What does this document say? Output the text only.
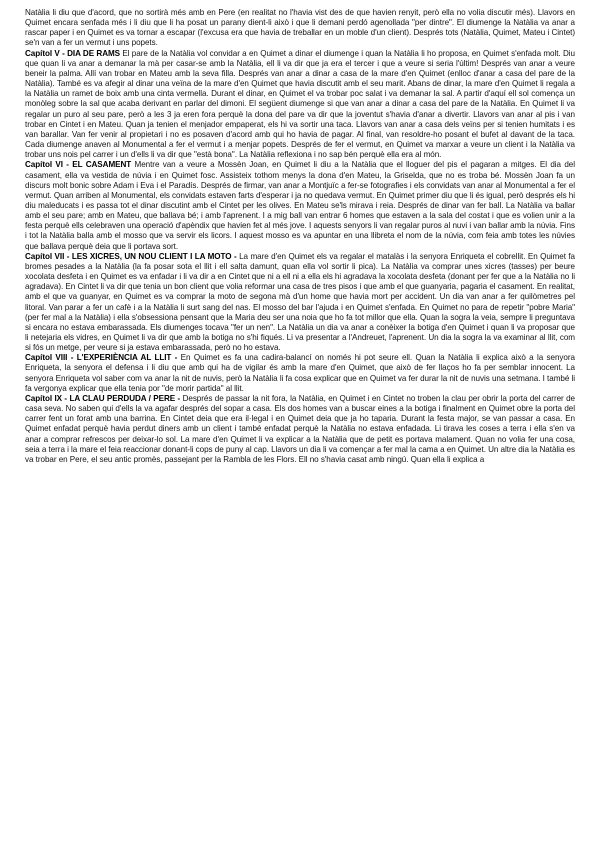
Natàlia li diu que d'acord, que no sortirà més amb en Pere (en realitat no l'havia vist des de que havien renyit, però ella no volia discutir més). Llavors en Quimet encara senfada més i li diu que li ha posat un parany dient-li això i que li demani perdó agenollada "per dintre". El diumenge la Natàlia va anar a rascar paper i en Quimet es va tornar a escapar (l'excusa era que havia de treballar en un moble d'un client). Després tots (Natàlia, Quimet, Mateu i Cintet) se'n van a fer un vermut i uns popets.

Capítol V - DIA DE RAMS El pare de la Natàlia vol convidar a en Quimet a dinar el diumenge i quan la Natàlia li ho proposa, en Quimet s'enfada molt. Diu que quan li va anar a demanar la mà per casar-se amb la Natàlia, ell li va dir que ja era el tercer i que a veure si seria l'últim! Després van anar a veure beneir la palma. Allí van trobar en Mateu amb la seva filla. Després van anar a dinar a casa de la mare d'en Quimet (enlloc d'anar a casa del pare de la Natàlia). També es va afegir al dinar una veïna de la mare d'en Quimet que havia discutit amb el seu marit. Abans de dinar, la mare d'en Quimet li regala a la Natàlia un ramet de boix amb una cinta vermella. Durant el dinar, en Quimet el va trobar poc salat i va demanar la sal. A partir d'aquí ell sol comença un monòleg sobre la sal que acaba derivant en parlar del dimoni. El següent diumenge si que van anar a dinar a casa del pare de la Natàlia. En Quimet li va regalar un puro al seu pare, però a les 3 ja eren fora perquè la dona del pare va dir que la joventut s'havia d'anar a divertir. Llavors van anar al pis i van trobar en Cintet i en Mateu. Quan ja tenien el menjador empaperat, els hi va sortir una taca. Llavors van anar a casa dels veïns per si tenien humitats i es van barallar. Van fer venir al propietari i no es posaven d'acord amb qui ho havia de pagar. Al final, van resoldre-ho posant el bufet al davant de la taca. Cada diumenge anaven al Monumental a fer el vermut i a menjar popets. Després de fer el vermut, en Quimet va marxar a veure un client i la Natàlia va trobar uns nois pel carrer i un d'ells li va dir que "està bona". La Natàlia reflexiona i no sap bén perquè ella era al món.

Capítol VI - EL CASAMENT Mentre van a veure a Mossèn Joan, en Quimet li diu a la Natàlia que el lloguer del pis el pagaran a mitges. El dia del casament, ella va vestida de núvia i en Quimet fosc. Assisteix tothom menys la dona d'en Mateu, la Griselda, que no es troba bé. Mossèn Joan fa un discurs molt bonic sobre Adam i Eva i el Paradís. Després de firmar, van anar a Montjuïc a fer-se fotografies i els convidats van anar al Monumental a fer el vermut. Quan arriben al Monumental, els convidats estaven farts d'esperar i ja no quedava vermut. En Quimet primer diu que li és igual, però després els hi diu maleducats i es passa tot el dinar discutint amb el Cintet per les olives. En Mateu se'ls mirava i reia. Després de dinar van fer ball. La Natàlia va ballar amb el seu pare; amb en Mateu, que ballava bé; i amb l'aprenent. I a mig ball van entrar 6 homes que estaven a la sala del costat i que es volien unir a la festa perquè ells celebraven una operació d'apèndix que havien fet al més jove. I aquests senyors li van regalar puros al nuvi i van ballar amb la núvia. Fins i tot la Natàlia balla amb el mosso que va servir els licors. I aquest mosso es va apuntar en una llibreta el nom de la núvia, com feia amb totes les núvies que ballava perquè deia que li portava sort.

Capítol VII - LES XICRES, UN NOU CLIENT I LA MOTO - La mare d'en Quimet els va regalar el matalàs i la senyora Enriqueta el cobrellit. En Quimet fa bromes pesades a la Natàlia (la fa posar sota el llit i ell salta damunt, quan ella vol sortir li pica). La Natàlia va comprar unes xicres (tasses) per beure xocolata desfeta i en Quimet es va enfadar i li va dir a en Cintet que ni a ell ni a ella els hi agradava la xocolata desfeta (donant per fer que a la Natàlia no li agradava). En Cintet li va dir que tenia un bon client que volia reformar una casa de tres pisos i que amb el que guanyaria, pagaria el casament. En realitat, amb el que va guanyar, en Quimet es va comprar la moto de segona mà d'un home que havia mort per accident. Un dia van anar a fer quilòmetres pel litoral. Van parar a fer un cafè i a la Natàlia li surt sang del nas. El mosso del bar l'ajuda i en Quimet s'enfada. En Quimet no para de repetir "pobre Maria" (per fer mal a la Natàlia) i ella s'obsessiona pensant que la Maria deu ser una noia que ho fa tot millor que ella. Quan la sogra la veia, sempre li preguntava si encara no estava embarassada. Els diumenges tocava "fer un nen". La Natàlia un dia va anar a conèixer la botiga d'en Quimet i quan li va proposar que li netejaria els vidres, en Quimet li va dir que amb la botiga no s'hi fiqués. Li va presentar a l'Andreuet, l'aprenent. Un dia la sogra la va examinar al llit, com si fós un metge, per veure si ja estava embarassada, però no ho estava.

Capítol VIII - L'EXPERIÈNCIA AL LLIT - En Quimet es fa una cadira-balancí on només hi pot seure ell. Quan la Natàlia li explica això a la senyora Enriqueta, la senyora el defensa i li diu que amb qui ha de vigilar és amb la mare d'en Quimet, que això de fer llaços ho fa per semblar innocent. La senyora Enriqueta vol saber com va anar la nit de nuvis, però la Natàlia li fa cosa explicar que en Quimet va fer durar la nit de nuvis una setmana. I també li fa vergonya explicar que ella tenia por "de morir partida" al llit.

Capítol IX - LA CLAU PERDUDA / PERE - Després de passar la nit fora, la Natàlia, en Quimet i en Cintet no troben la clau per obrir la porta del carrer de casa seva. No saben qui d'ells la va agafar després del sopar a casa. Els dos homes van a buscar eines a la botiga i finalment en Quimet obre la porta del carrer fent un forat amb una barrina. En Cintet deia que era il·legal i en Quimet deia que ja ho taparia. Durant la festa major, se van passar a casa. En Quimet enfadat perquè havia perdut diners amb un client i també enfadat perquè la Natàlia no estava enfadada. Li tirava les coses a terra i ella s'en va anar a comprar refrescos per deixar-lo sol. La mare d'en Quimet li va explicar a la Natàlia que de petit es portava malament. Quan no volia fer una cosa, seia a terra i la mare el feia reaccionar donant-li cops de puny al cap. Llavors un dia li va començar a fer mal la cama a en Quimet. Un altre dia la Natàlia es va trobar en Pere, el seu antic promès, passejant per la Rambla de les Flors. Ell no s'havia casat amb ningú. Quan ella li explica a
